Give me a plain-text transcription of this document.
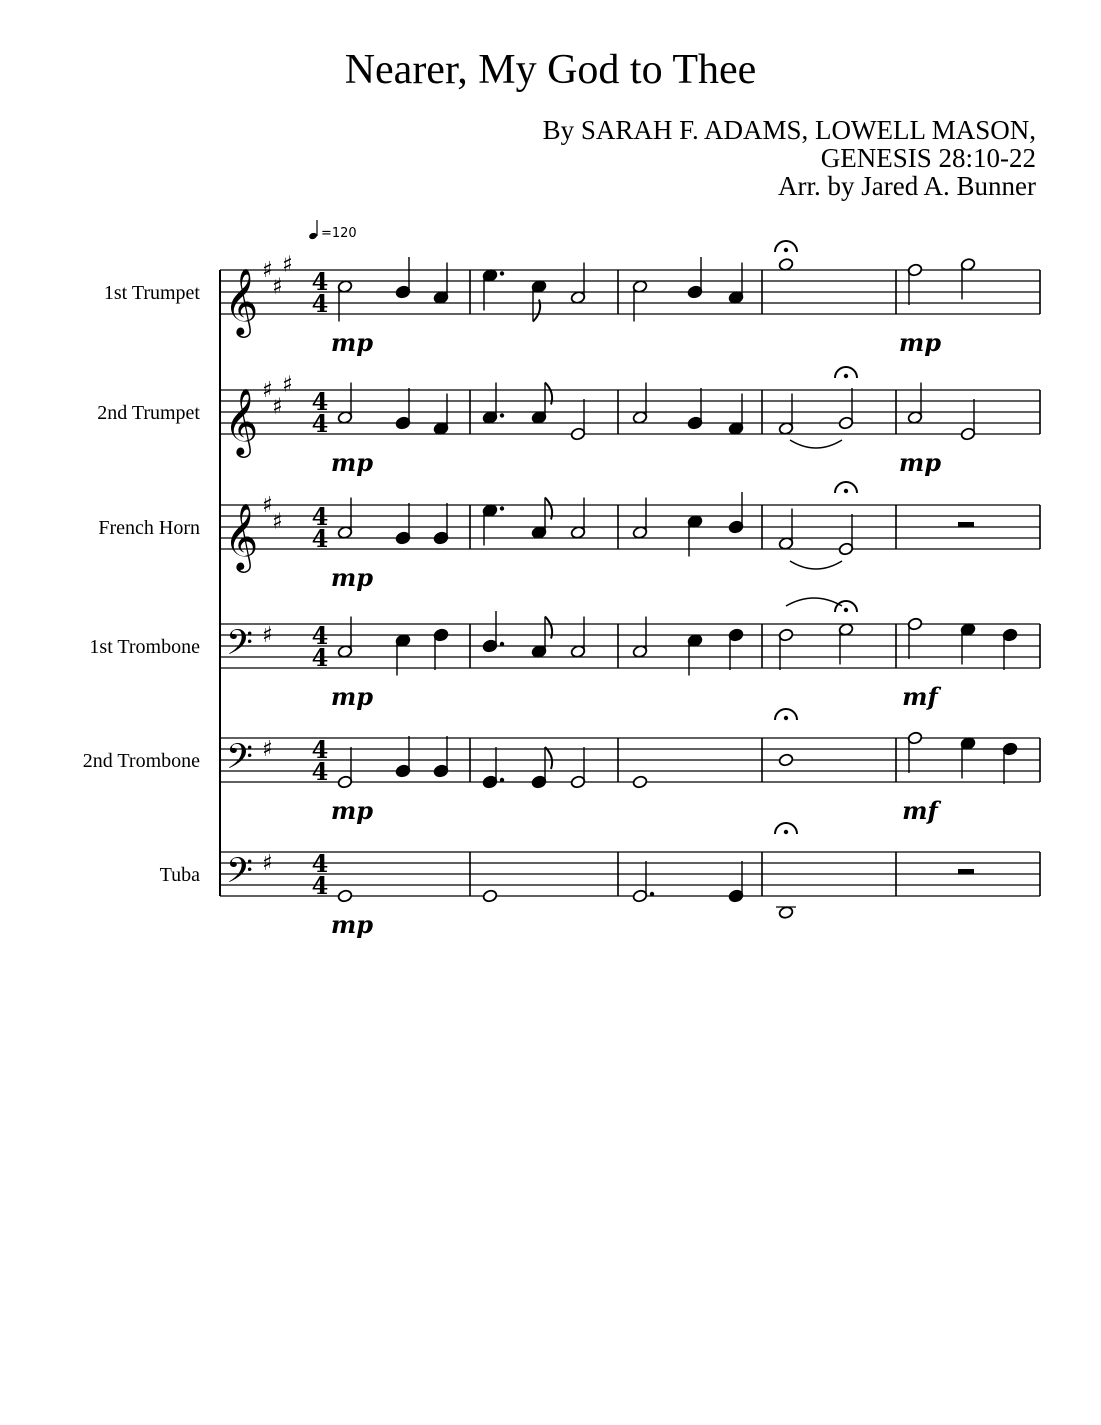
Nearer, My God to Thee
By SARAH F. ADAMS, LOWELL MASON,
GENESIS 28:10-22
Arr. by Jared A. Bunner
1st Trumpet
2nd Trumpet
French Horn
1st Trombone
2nd Trombone
Tuba
𝄞
𝄞
𝄞
𝄢
𝄢
𝄢
♯
♯
♯
♯
♯
♯
♯
♯
♯
♯
♯
4
4
4
4
4
4
4
4
4
4
4
4
=120
mp	mp
mp	mp
mp
mp	mf
mp	mf
mp
